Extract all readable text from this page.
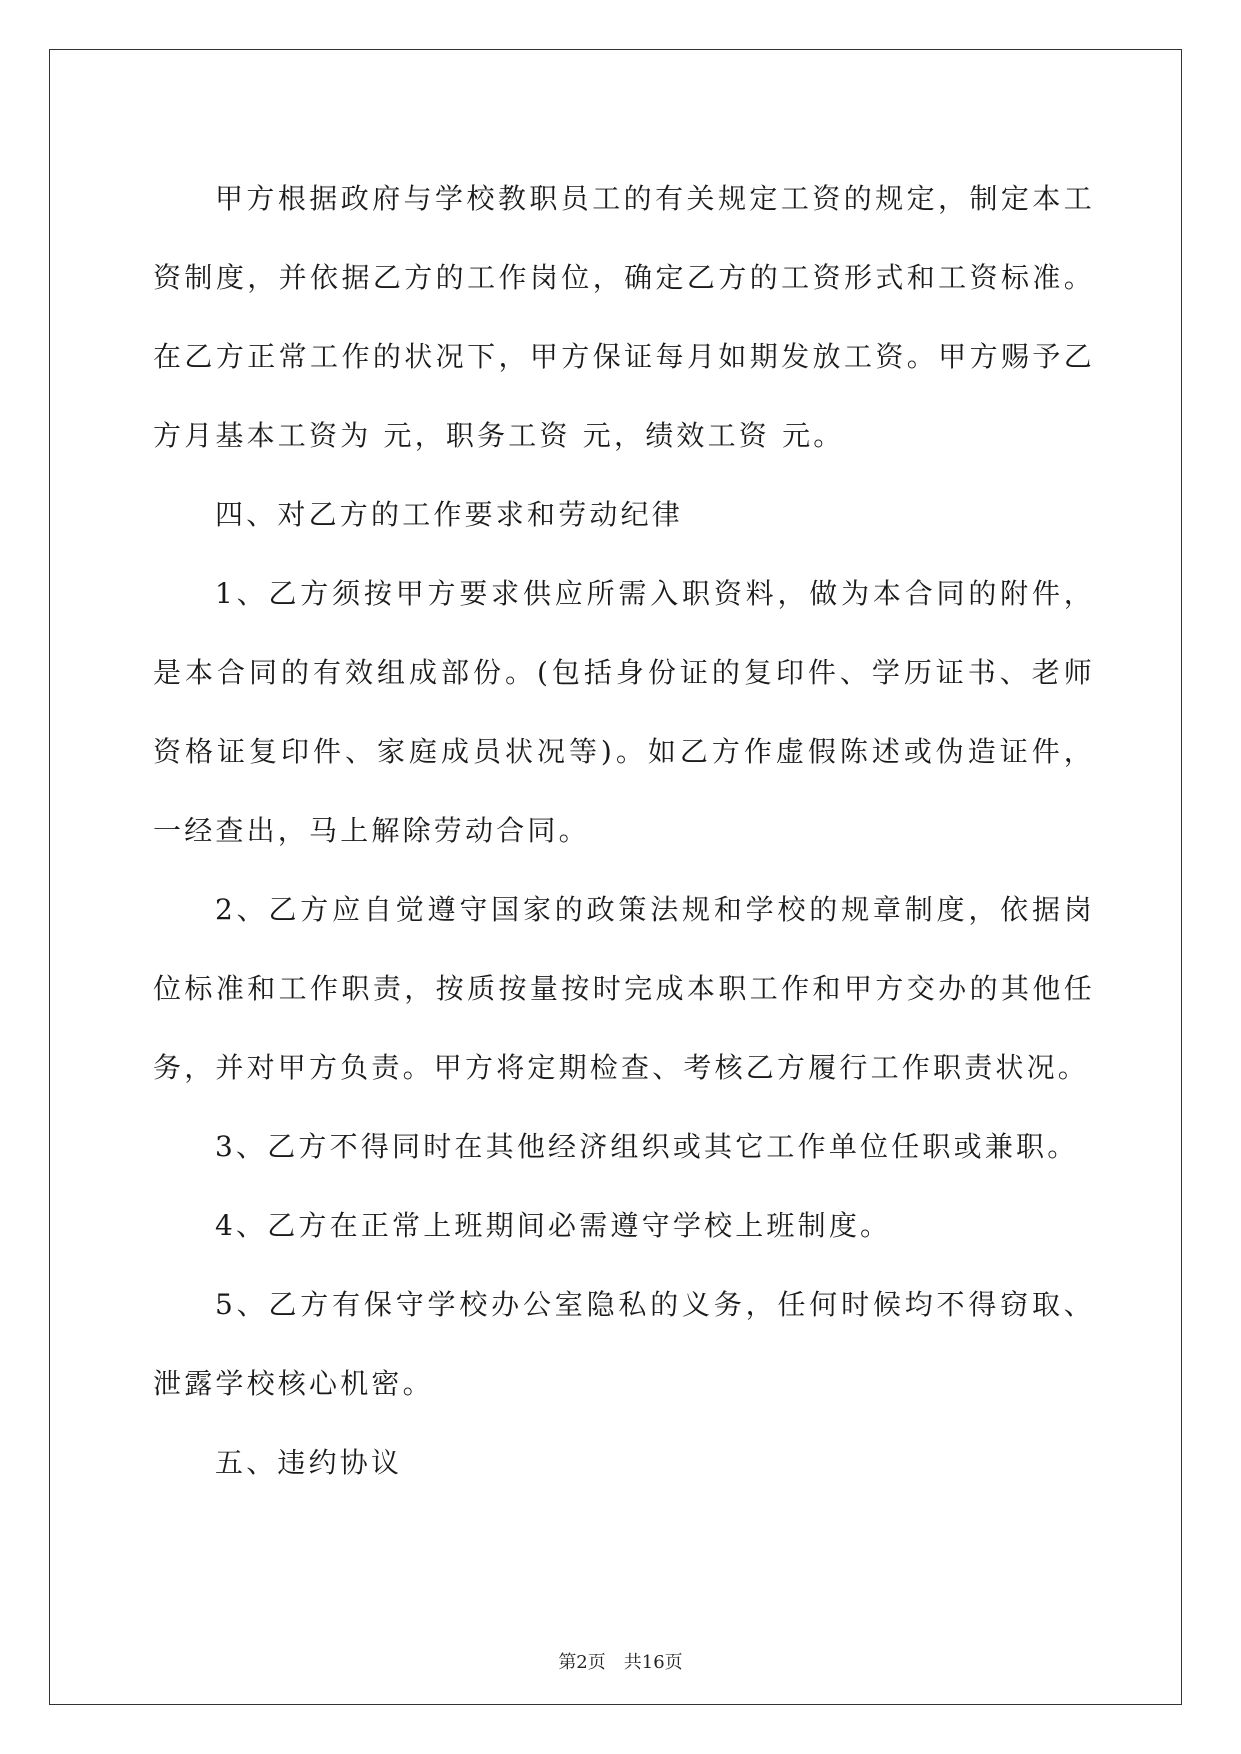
甲方根据政府与学校教职员工的有关规定工资的规定，制定本工资制度，并依据乙方的工作岗位，确定乙方的工资形式和工资标准。在乙方正常工作的状况下，甲方保证每月如期发放工资。甲方赐予乙方月基本工资为 元，职务工资 元，绩效工资 元。

四、对乙方的工作要求和劳动纪律

1、乙方须按甲方要求供应所需入职资料，做为本合同的附件，是本合同的有效组成部份。(包括身份证的复印件、学历证书、老师资格证复印件、家庭成员状况等)。如乙方作虚假陈述或伪造证件，一经查出，马上解除劳动合同。

2、乙方应自觉遵守国家的政策法规和学校的规章制度，依据岗位标准和工作职责，按质按量按时完成本职工作和甲方交办的其他任务，并对甲方负责。甲方将定期检查、考核乙方履行工作职责状况。

3、乙方不得同时在其他经济组织或其它工作单位任职或兼职。

4、乙方在正常上班期间必需遵守学校上班制度。

5、乙方有保守学校办公室隐私的义务，任何时候均不得窃取、泄露学校核心机密。

五、违约协议

第2页 共16页
